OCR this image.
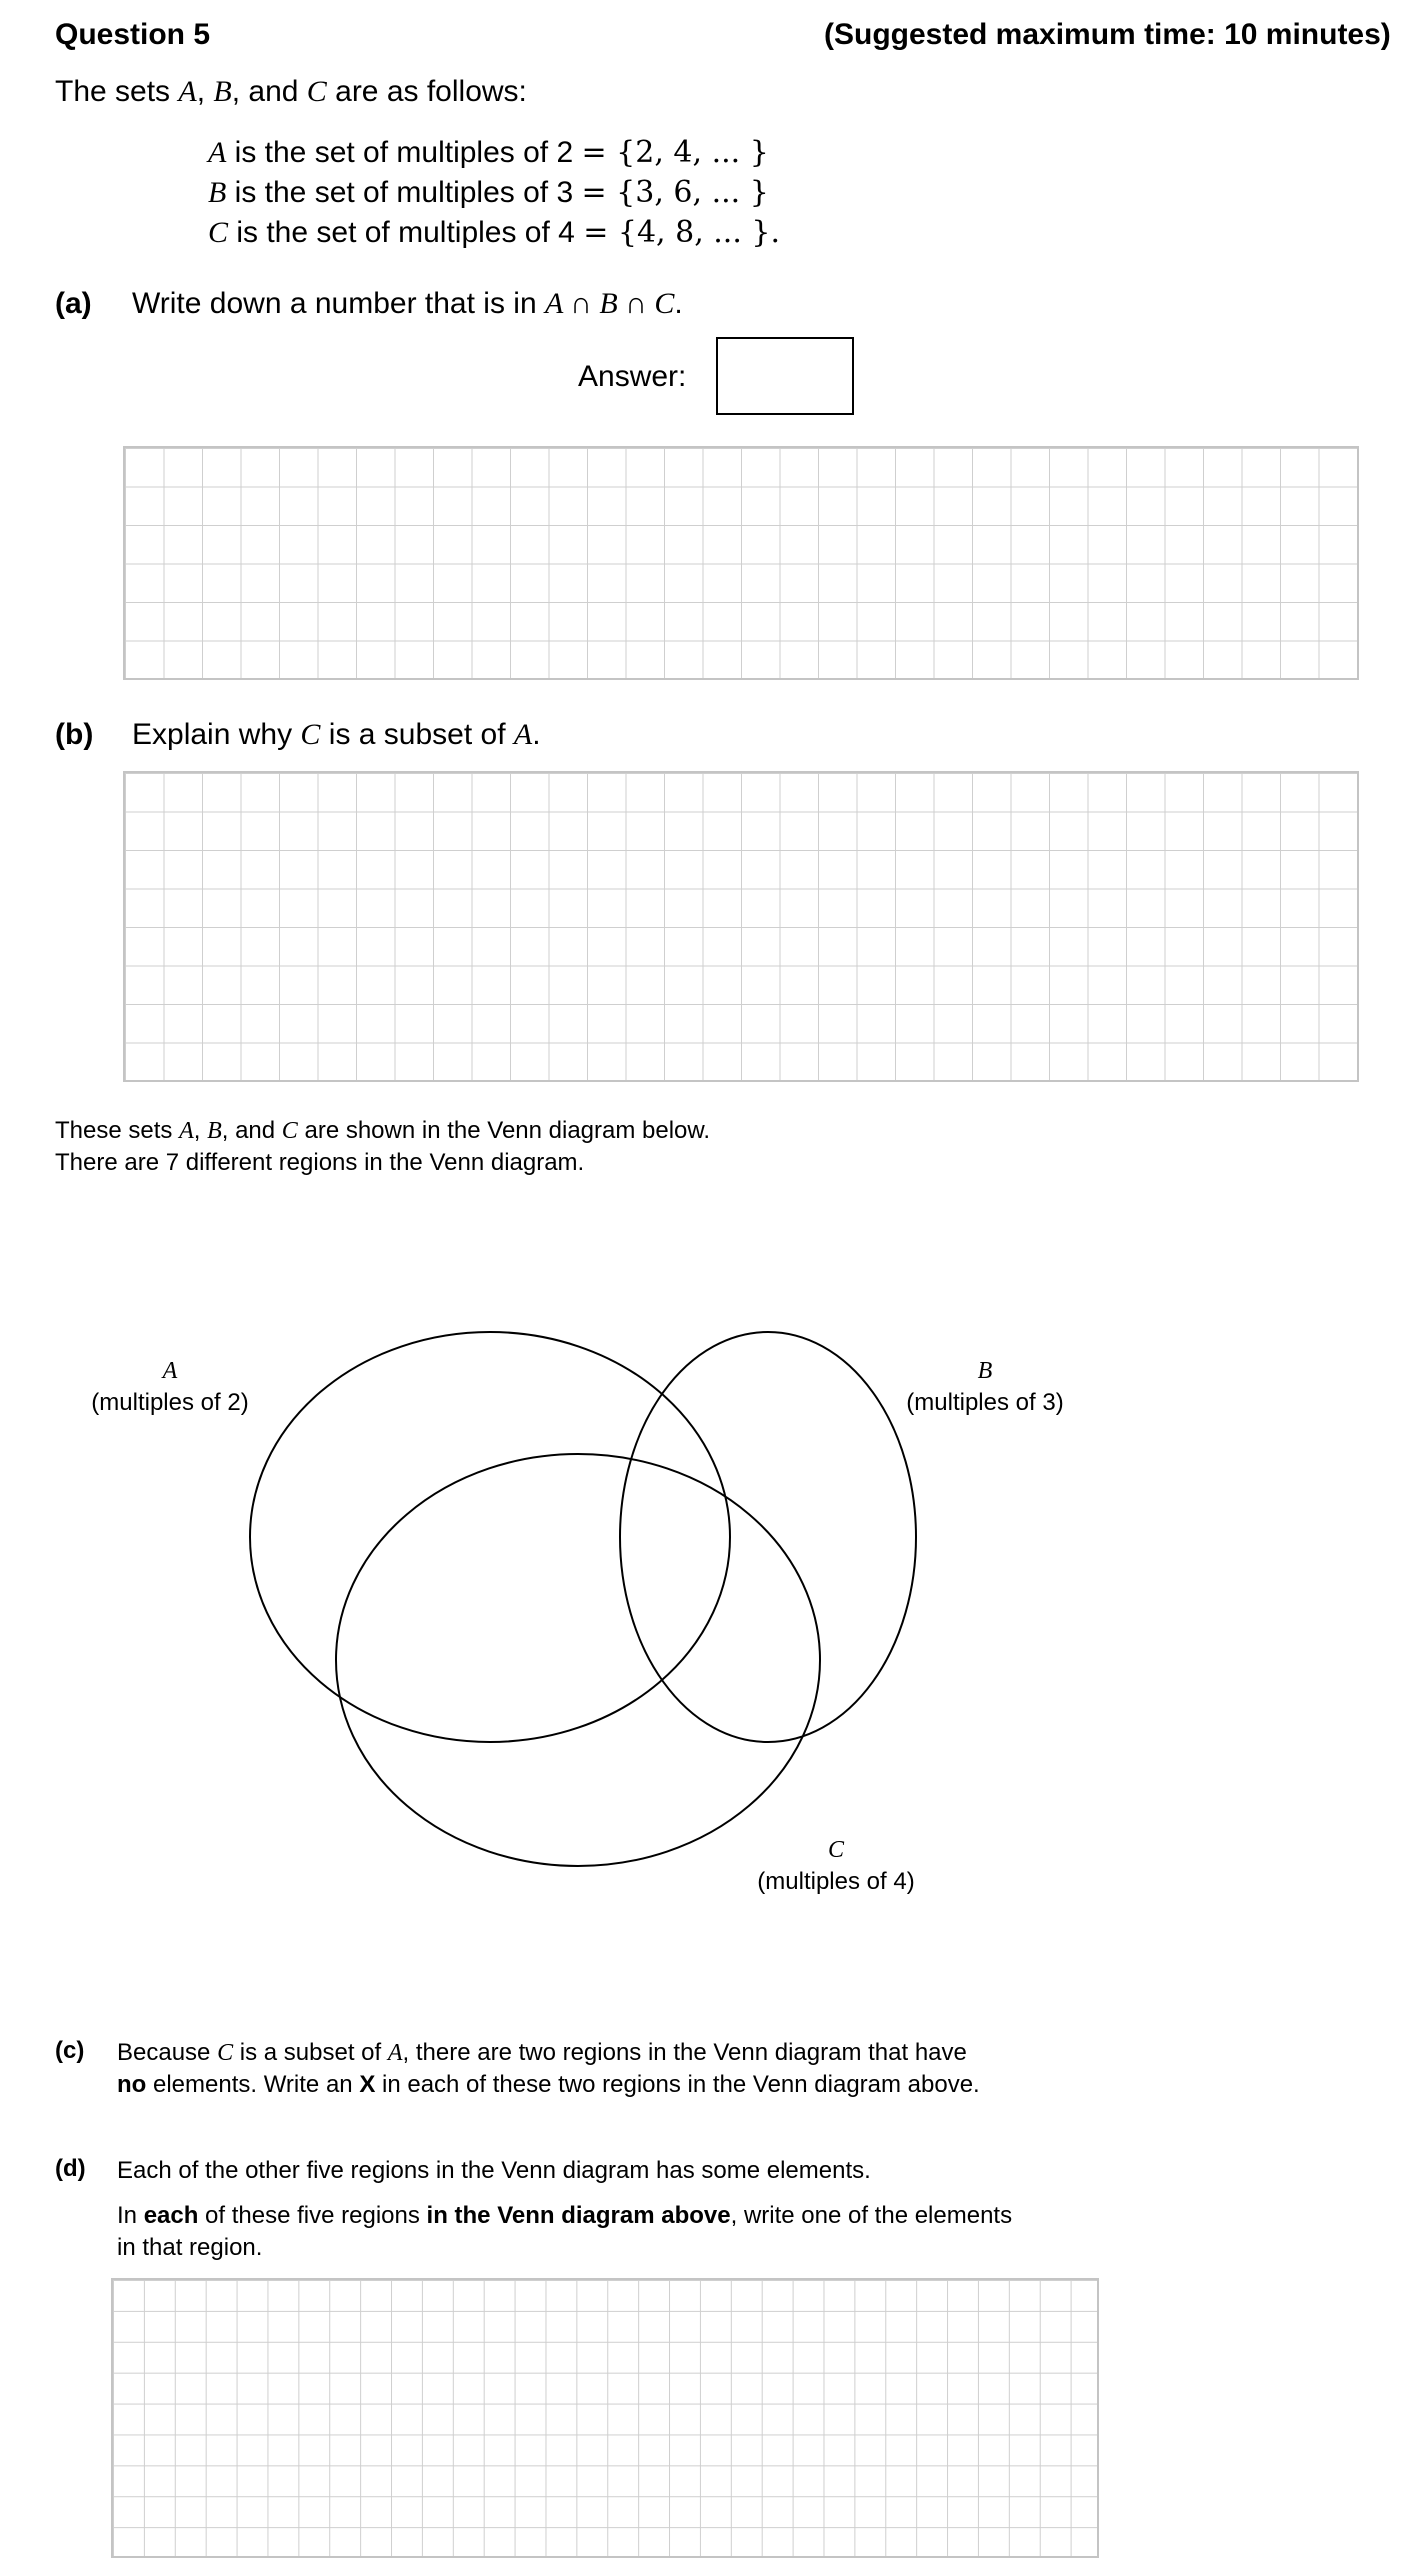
Question 5	(Suggested maximum time: 10 minutes)
The sets A, B, and C are as follows:
A is the set of multiples of 2 = {2, 4, ... }
B is the set of multiples of 3 = {3, 6, ... }
C is the set of multiples of 4 = {4, 8, ... }.
(a) Write down a number that is in A ∩ B ∩ C.
Answer:
(b) Explain why C is a subset of A.
These sets A, B, and C are shown in the Venn diagram below.
There are 7 different regions in the Venn diagram.
A
(multiples of 2)
B
(multiples of 3)
C
(multiples of 4)
(c) Because C is a subset of A, there are two regions in the Venn diagram that have
no elements. Write an X in each of these two regions in the Venn diagram above.
(d) Each of the other five regions in the Venn diagram has some elements.
In each of these five regions in the Venn diagram above, write one of the elements
in that region.
